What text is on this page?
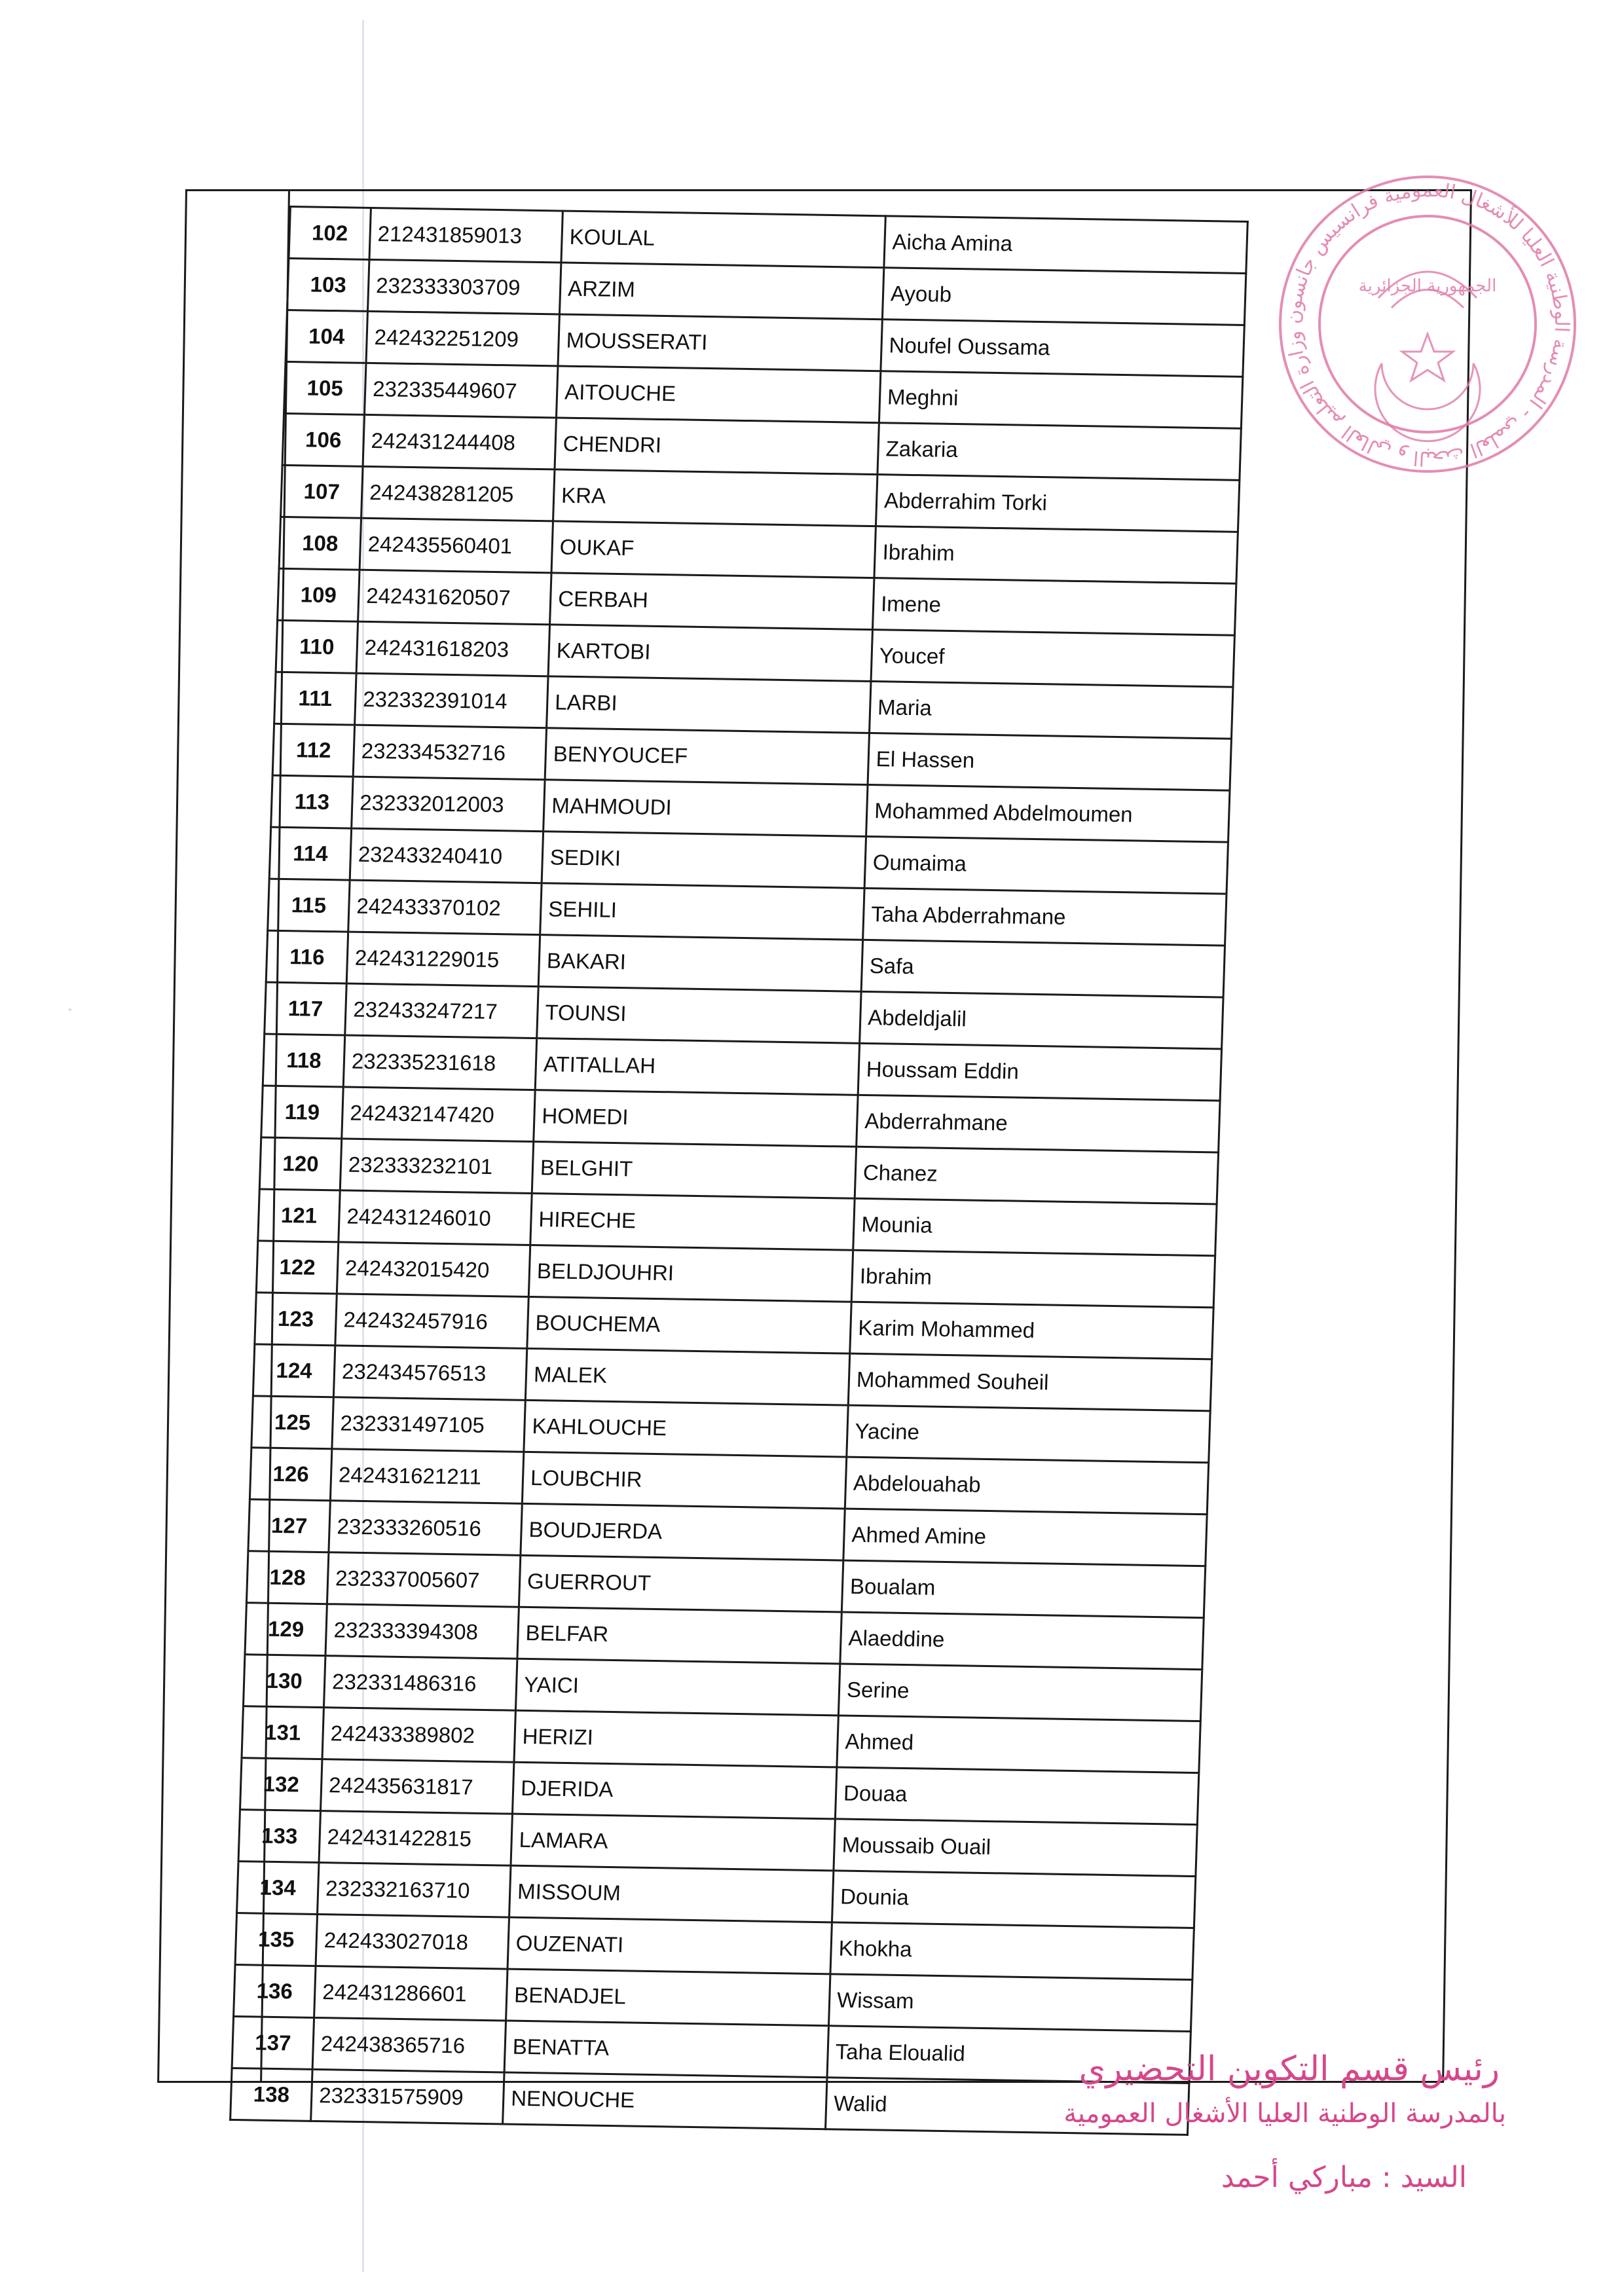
102	212431859013	KOULAL	Aicha Amina
103	232333303709	ARZIM	Ayoub
104	242432251209	MOUSSERATI	Noufel Oussama
105	232335449607	AITOUCHE	Meghni
106	242431244408	CHENDRI	Zakaria
107	242438281205	KRA	Abderrahim Torki
108	242435560401	OUKAF	Ibrahim
109	242431620507	CERBAH	Imene
110	242431618203	KARTOBI	Youcef
111	232332391014	LARBI	Maria
112	232334532716	BENYOUCEF	El Hassen
113	232332012003	MAHMOUDI	Mohammed Abdelmoumen
114	232433240410	SEDIKI	Oumaima
115	242433370102	SEHILI	Taha Abderrahmane
116	242431229015	BAKARI	Safa
117	232433247217	TOUNSI	Abdeldjalil
118	232335231618	ATITALLAH	Houssam Eddin
119	242432147420	HOMEDI	Abderrahmane
120	232333232101	BELGHIT	Chanez
121	242431246010	HIRECHE	Mounia
122	242432015420	BELDJOUHRI	Ibrahim
123	242432457916	BOUCHEMA	Karim Mohammed
124	232434576513	MALEK	Mohammed Souheil
125	232331497105	KAHLOUCHE	Yacine
126	242431621211	LOUBCHIR	Abdelouahab
127	232333260516	BOUDJERDA	Ahmed Amine
128	232337005607	GUERROUT	Boualam
129	232333394308	BELFAR	Alaeddine
130	232331486316	YAICI	Serine
131	242433389802	HERIZI	Ahmed
132	242435631817	DJERIDA	Douaa
133	242431422815	LAMARA	Moussaib Ouail
134	232332163710	MISSOUM	Dounia
135	242433027018	OUZENATI	Khokha
136	242431286601	BENADJEL	Wissam
137	242438365716	BENATTA	Taha Eloualid
138	232331575909	NENOUCHE	Walid
وزارة التعليم العالي و البحث العلمي - المدرسة الوطنية العليا للأشغال العمومية فرانسيس جانسون
الجمهورية الجزائرية
رئيس قسم التكوين التحضيري
بالمدرسة الوطنية العليا الأشغال العمومية
السيد : مباركي أحمد
